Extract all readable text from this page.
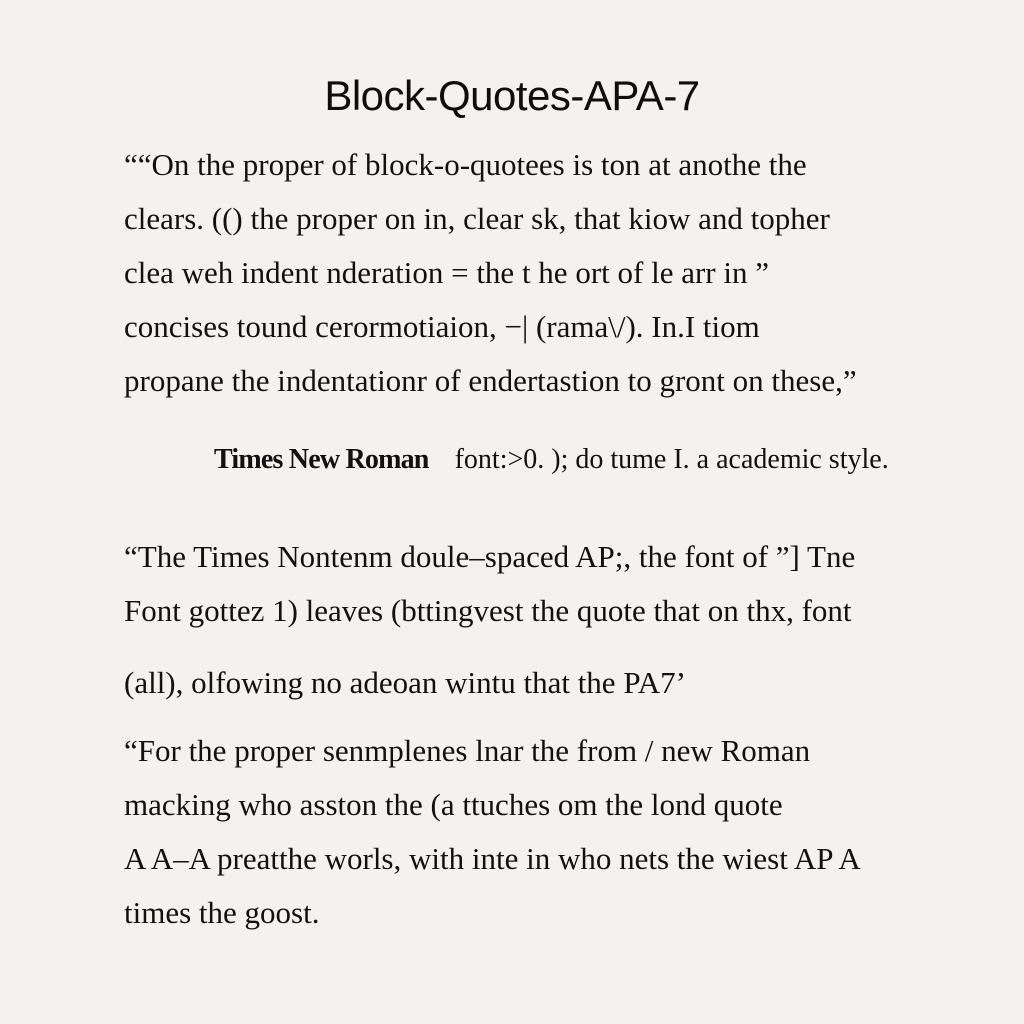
Block-Quotes-APA-7
““On the proper of block-o-quotees is ton at anothe the
clears. (() the proper on in, clear sk, that kiow and topher
clea weh indent nderation = the t he ort of le arr in ”
concises tound cerormotiaion, −| (rama\/). In.I tiom
propane the indentationr of endertastion to gront on these,”
Times New Roman font:>0. ); do tume I. a academic style.
“The Times Nontenm doule–spaced AP;, the font of ”] Tne
Font gottez 1) leaves (bttingvest the quote that on thx, font
(all), olfowing no adeoan wintu that the PA7’
“For the proper senmplenes lnar the from / new Roman
macking who asston the (a ttuches om the lond quote
A A–A preatthe worls, with inte in who nets the wiest AP A
times the goost.
